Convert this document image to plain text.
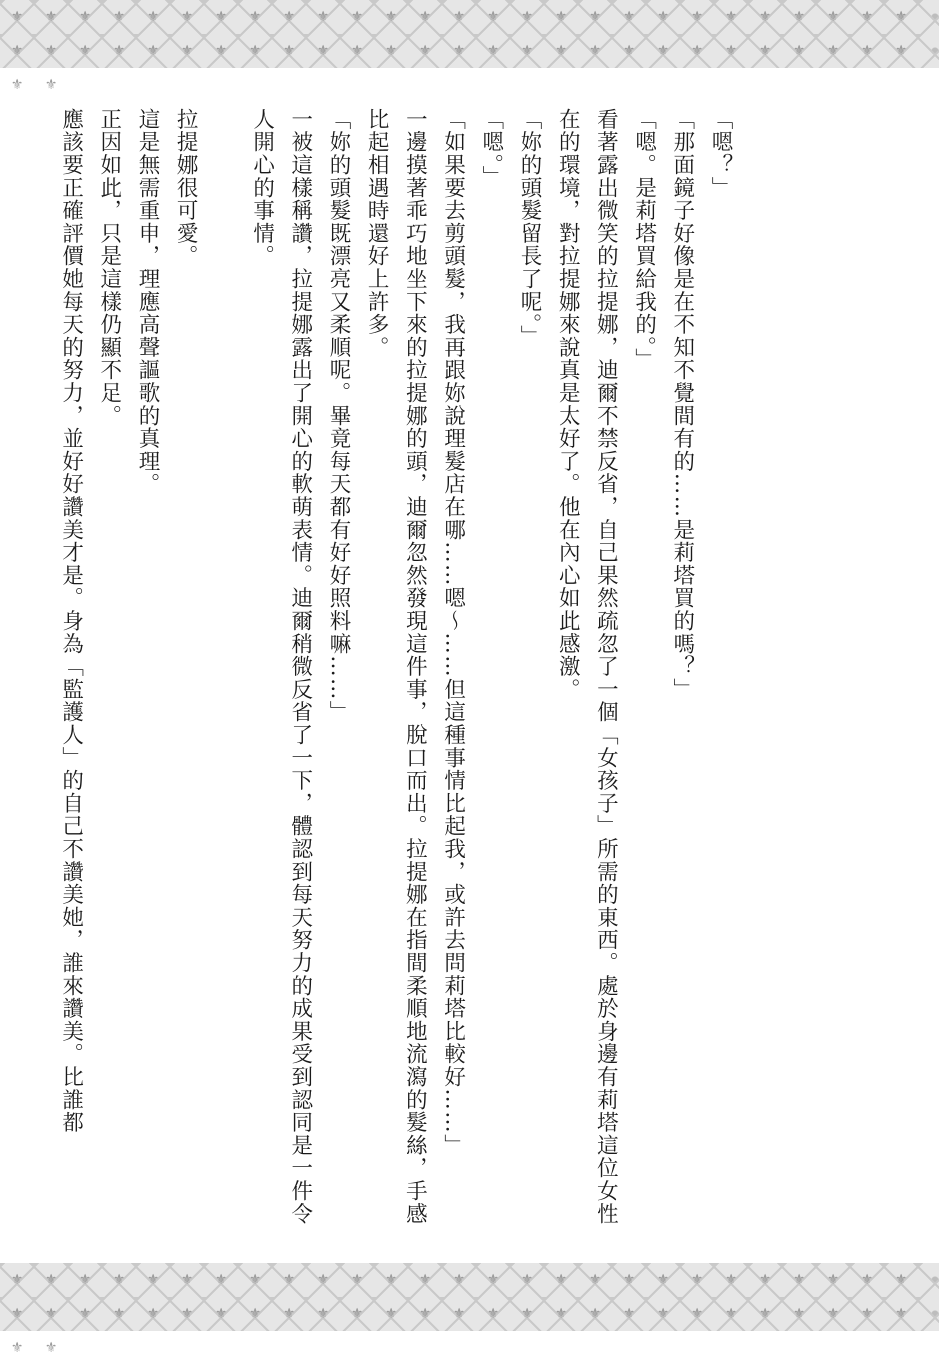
⚜	⚜	⚜	⚜	⚜	⚜	⚜	⚜	⚜	⚜	⚜	⚜	⚜	⚜	⚜	⚜	⚜	⚜	⚜	⚜	⚜	⚜	⚜	⚜	⚜	⚜	⚜
⚜	⚜	⚜	⚜	⚜	⚜	⚜	⚜	⚜	⚜	⚜	⚜	⚜	⚜	⚜	⚜	⚜	⚜	⚜	⚜	⚜	⚜	⚜	⚜	⚜	⚜	⚜
⚜	⚜

「嗯？」

「那面鏡子好像是在不知不覺間有的……是莉塔買的嗎？」

「嗯。是莉塔買給我的。」

看著露出微笑的拉提娜，迪爾不禁反省，自己果然疏忽了一個「女孩子」所需的東西。處於身邊有莉塔這位女性在的環境，對拉提娜來說真是太好了。他在內心如此感激。

「妳的頭髮留長了呢。」

「嗯。」

「如果要去剪頭髮，我再跟妳說理髮店在哪……嗯～……但這種事情比起我，或許去問莉塔比較好……」

一邊摸著乖巧地坐下來的拉提娜的頭，迪爾忽然發現這件事，脫口而出。拉提娜在指間柔順地流瀉的髮絲，手感比起相遇時還好上許多。

「妳的頭髮既漂亮又柔順呢。畢竟每天都有好好照料嘛……」

一被這樣稱讚，拉提娜露出了開心的軟萌表情。迪爾稍微反省了一下，體認到每天努力的成果受到認同是一件令人開心的事情。

拉提娜很可愛。

這是無需重申，理應高聲謳歌的真理。

正因如此，只是這樣仍顯不足。

應該要正確評價她每天的努力，並好好讚美才是。身為「監護人」的自己不讚美她，誰來讚美。比誰都

⚜	⚜	⚜	⚜	⚜	⚜	⚜	⚜	⚜	⚜	⚜	⚜	⚜	⚜	⚜	⚜	⚜	⚜	⚜	⚜	⚜	⚜	⚜	⚜	⚜	⚜	⚜
⚜	⚜	⚜	⚜	⚜	⚜	⚜	⚜	⚜	⚜	⚜	⚜	⚜	⚜	⚜	⚜	⚜	⚜	⚜	⚜	⚜	⚜	⚜	⚜	⚜	⚜	⚜
⚜	⚜
